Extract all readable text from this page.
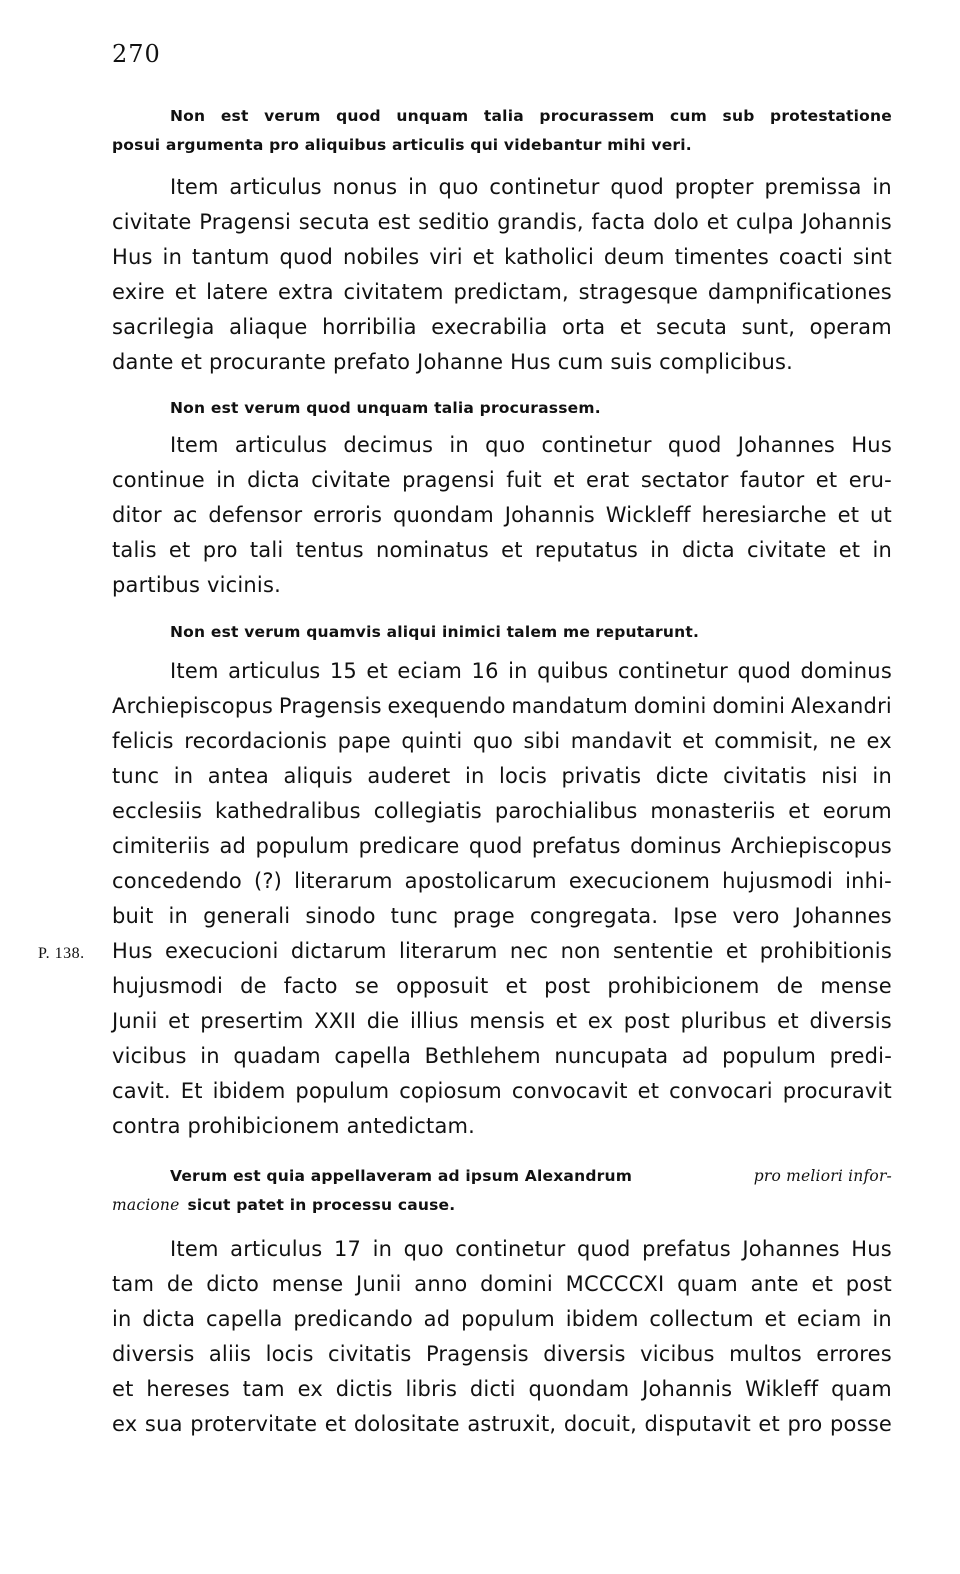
270
P. 138.
Non est verum quod unquam talia procurassem cum sub protestatione
posui argumenta pro aliquibus articulis qui videbantur mihi veri.
Item articulus nonus in quo continetur quod propter premissa in
civitate Pragensi secuta est seditio grandis, facta dolo et culpa Johannis
Hus in tantum quod nobiles viri et katholici deum timentes coacti sint
exire et latere extra civitatem predictam, stragesque dampnificationes
sacrilegia aliaque horribilia execrabilia orta et secuta sunt, operam
dante et procurante prefato Johanne Hus cum suis complicibus.
Non est verum quod unquam talia procurassem.
Item articulus decimus in quo continetur quod Johannes Hus
continue in dicta civitate pragensi fuit et erat sectator fautor et eru-
ditor ac defensor erroris quondam Johannis Wickleff heresiarche et ut
talis et pro tali tentus nominatus et reputatus in dicta civitate et in
partibus vicinis.
Non est verum quamvis aliqui inimici talem me reputarunt.
Item articulus 15 et eciam 16 in quibus continetur quod dominus
Archiepiscopus Pragensis exequendo mandatum domini domini Alexandri
felicis recordacionis pape quinti quo sibi mandavit et commisit, ne ex
tunc in antea aliquis auderet in locis privatis dicte civitatis nisi in
ecclesiis kathedralibus collegiatis parochialibus monasteriis et eorum
cimiteriis ad populum predicare quod prefatus dominus Archiepiscopus
concedendo (?) literarum apostolicarum execucionem hujusmodi inhi-
buit in generali sinodo tunc prage congregata. Ipse vero Johannes
Hus execucioni dictarum literarum nec non sententie et prohibitionis
hujusmodi de facto se opposuit et post prohibicionem de mense
Junii et presertim XXII die illius mensis et ex post pluribus et diversis
vicibus in quadam capella Bethlehem nuncupata ad populum predi-
cavit. Et ibidem populum copiosum convocavit et convocari procuravit
contra prohibicionem antedictam.
Verum est quia appellaveram ad ipsum Alexandrum	pro meliori infor-
macione sicut patet in processu cause.
Item articulus 17 in quo continetur quod prefatus Johannes Hus
tam de dicto mense Junii anno domini MCCCCXI quam ante et post
in dicta capella predicando ad populum ibidem collectum et eciam in
diversis aliis locis civitatis Pragensis diversis vicibus multos errores
et hereses tam ex dictis libris dicti quondam Johannis Wikleff quam
ex sua protervitate et dolositate astruxit, docuit, disputavit et pro posse
